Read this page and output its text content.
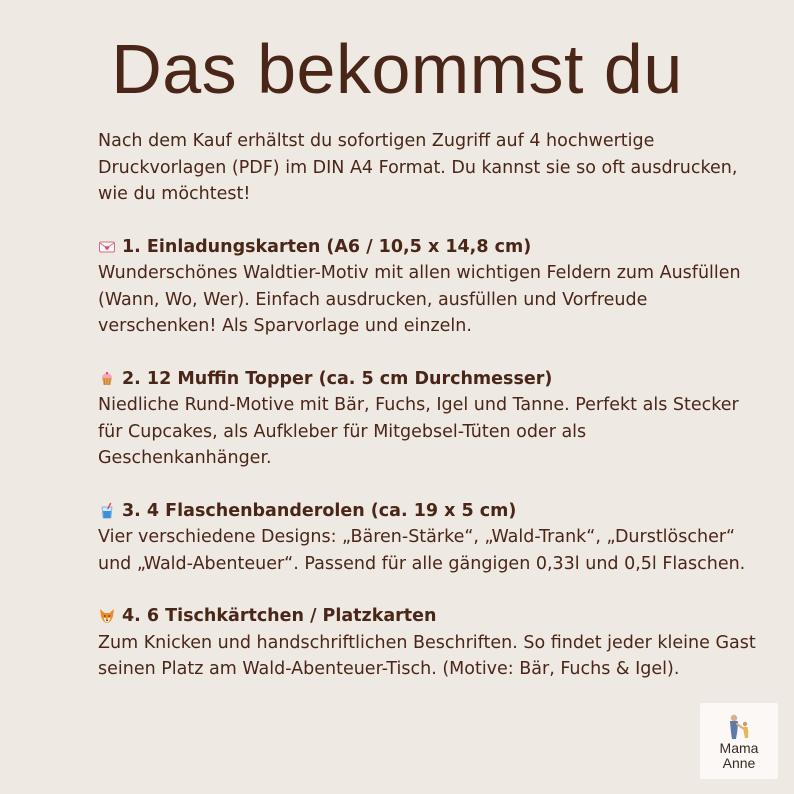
Das bekommst du

Nach dem Kauf erhältst du sofortigen Zugriff auf 4 hochwertige Druckvorlagen (PDF) im DIN A4 Format. Du kannst sie so oft ausdrucken, wie du möchtest!

1. Einladungskarten (A6 / 10,5 x 14,8 cm)

Wunderschönes Waldtier-Motiv mit allen wichtigen Feldern zum Ausfüllen (Wann, Wo, Wer). Einfach ausdrucken, ausfüllen und Vorfreude verschenken! Als Sparvorlage und einzeln.

2. 12 Muffin Topper (ca. 5 cm Durchmesser)

Niedliche Rund-Motive mit Bär, Fuchs, Igel und Tanne. Perfekt als Stecker für Cupcakes, als Aufkleber für Mitgebsel-Tüten oder als Geschenkanhänger.

3. 4 Flaschenbanderolen (ca. 19 x 5 cm)

Vier verschiedene Designs: „Bären-Stärke“, „Wald-Trank“, „Durstlöscher“ und „Wald-Abenteuer“. Passend für alle gängigen 0,33l und 0,5l Flaschen.

4. 6 Tischkärtchen / Platzkarten

Zum Knicken und handschriftlichen Beschriften. So findet jeder kleine Gast seinen Platz am Wald-Abenteuer-Tisch. (Motive: Bär, Fuchs & Igel).

Mama
Anne
